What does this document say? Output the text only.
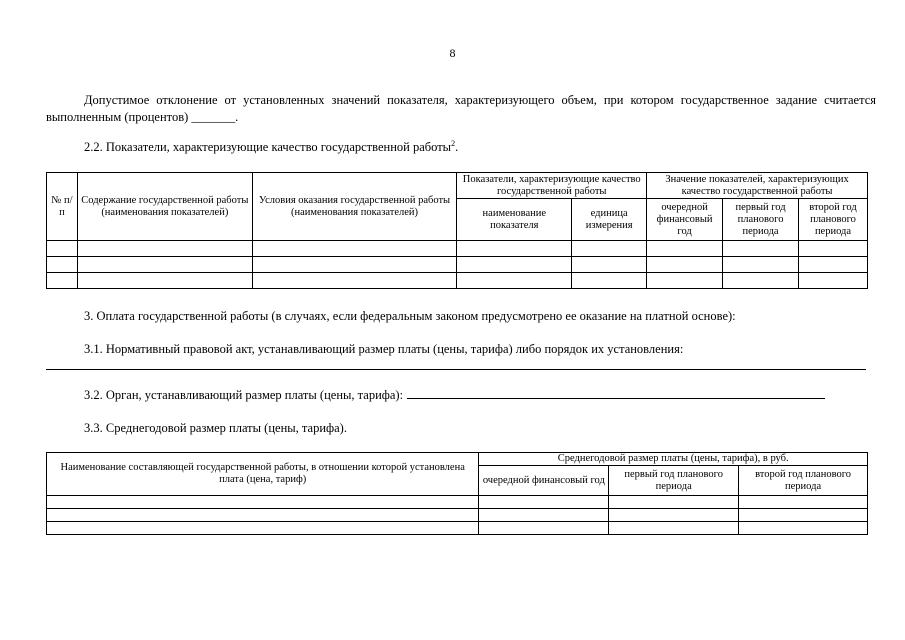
8
Допустимое отклонение от установленных значений показателя, характеризующего объем, при котором государственное задание считается выполненным (процентов) _______.
2.2. Показатели, характеризующие качество государственной работы$^2$.
№ п/п	Содержание государственной работы (наименования показателей)	Условия оказания государственной работы (наименования показателей)	Показатели, характеризующие качество государственной работы		Значение показателей, характеризующих качество государственной работы		
			наименование показателя	единица измерения	очередной финансовый год	первый год планового периода	второй год планового периода

3. Оплата государственной работы (в случаях, если федеральным законом предусмотрено ее оказание на платной основе):
3.1. Нормативный правовой акт, устанавливающий размер платы (цены, тарифа) либо порядок их установления:
3.2. Орган, устанавливающий размер платы (цены, тарифа):
3.3. Среднегодовой размер платы (цены, тарифа).
Наименование составляющей государственной работы, в отношении которой установлена плата (цена, тариф)	Среднегодовой размер платы (цены, тарифа), в руб.		
	очередной финансовый год	первый год планового периода	второй год планового периода
